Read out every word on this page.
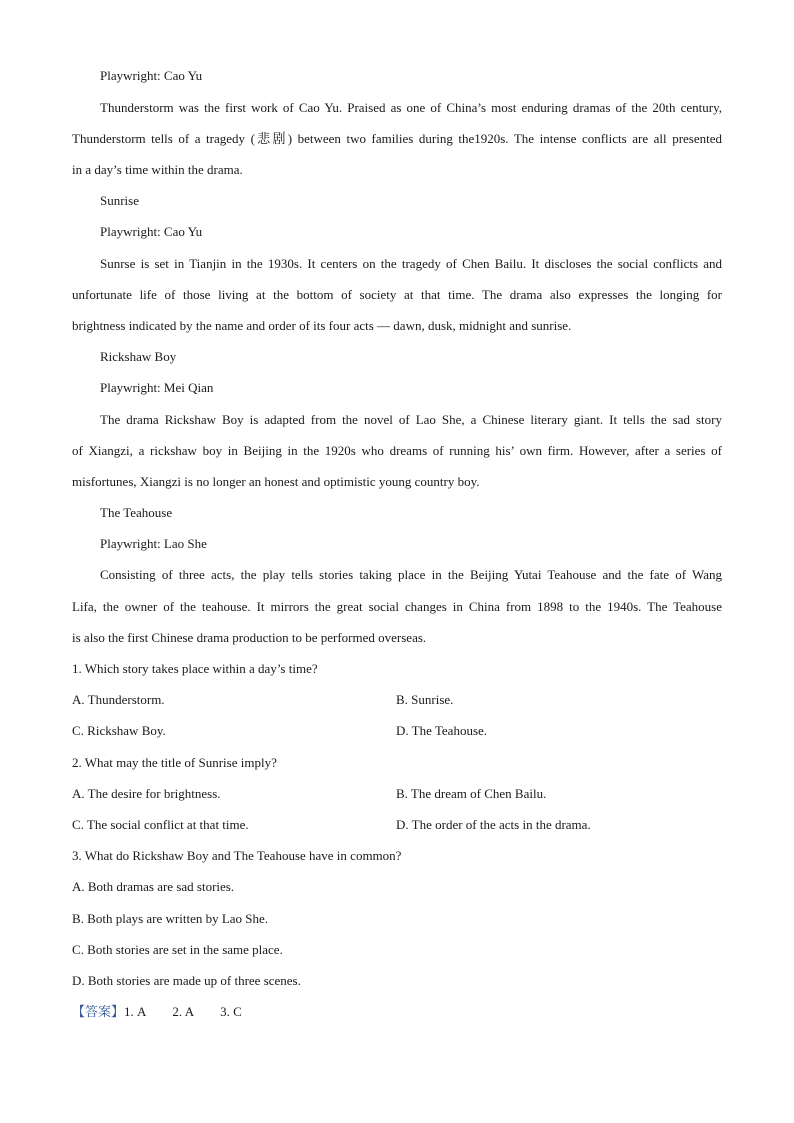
Playwright: Cao Yu
Thunderstorm was the first work of Cao Yu. Praised as one of China’s most enduring dramas of the 20th century,
Thunderstorm tells of a tragedy (悲剧) between two families during the1920s. The intense conflicts are all presented
in a day’s time within the drama.
Sunrise
Playwright: Cao Yu
Sunrse is set in Tianjin in the 1930s. It centers on the tragedy of Chen Bailu. It discloses the social conflicts and
unfortunate life of those living at the bottom of society at that time. The drama also expresses the longing for
brightness indicated by the name and order of its four acts — dawn, dusk, midnight and sunrise.
Rickshaw Boy
Playwright: Mei Qian
The drama Rickshaw Boy is adapted from the novel of Lao She, a Chinese literary giant. It tells the sad story
of Xiangzi, a rickshaw boy in Beijing in the 1920s who dreams of running his’ own firm. However, after a series of
misfortunes, Xiangzi is no longer an honest and optimistic young country boy.
The Teahouse
Playwright: Lao She
Consisting of three acts, the play tells stories taking place in the Beijing Yutai Teahouse and the fate of Wang
Lifa, the owner of the teahouse. It mirrors the great social changes in China from 1898 to the 1940s. The Teahouse
is also the first Chinese drama production to be performed overseas.
1. Which story takes place within a day’s time?
A. Thunderstorm.	B. Sunrise.
C. Rickshaw Boy.	D. The Teahouse.
2. What may the title of Sunrise imply?
A. The desire for brightness.	B. The dream of Chen Bailu.
C. The social conflict at that time.	D. The order of the acts in the drama.
3. What do Rickshaw Boy and The Teahouse have in common?
A. Both dramas are sad stories.
B. Both plays are written by Lao She.
C. Both stories are set in the same place.
D. Both stories are made up of three scenes.
【答案】1. A 2. A 3. C
